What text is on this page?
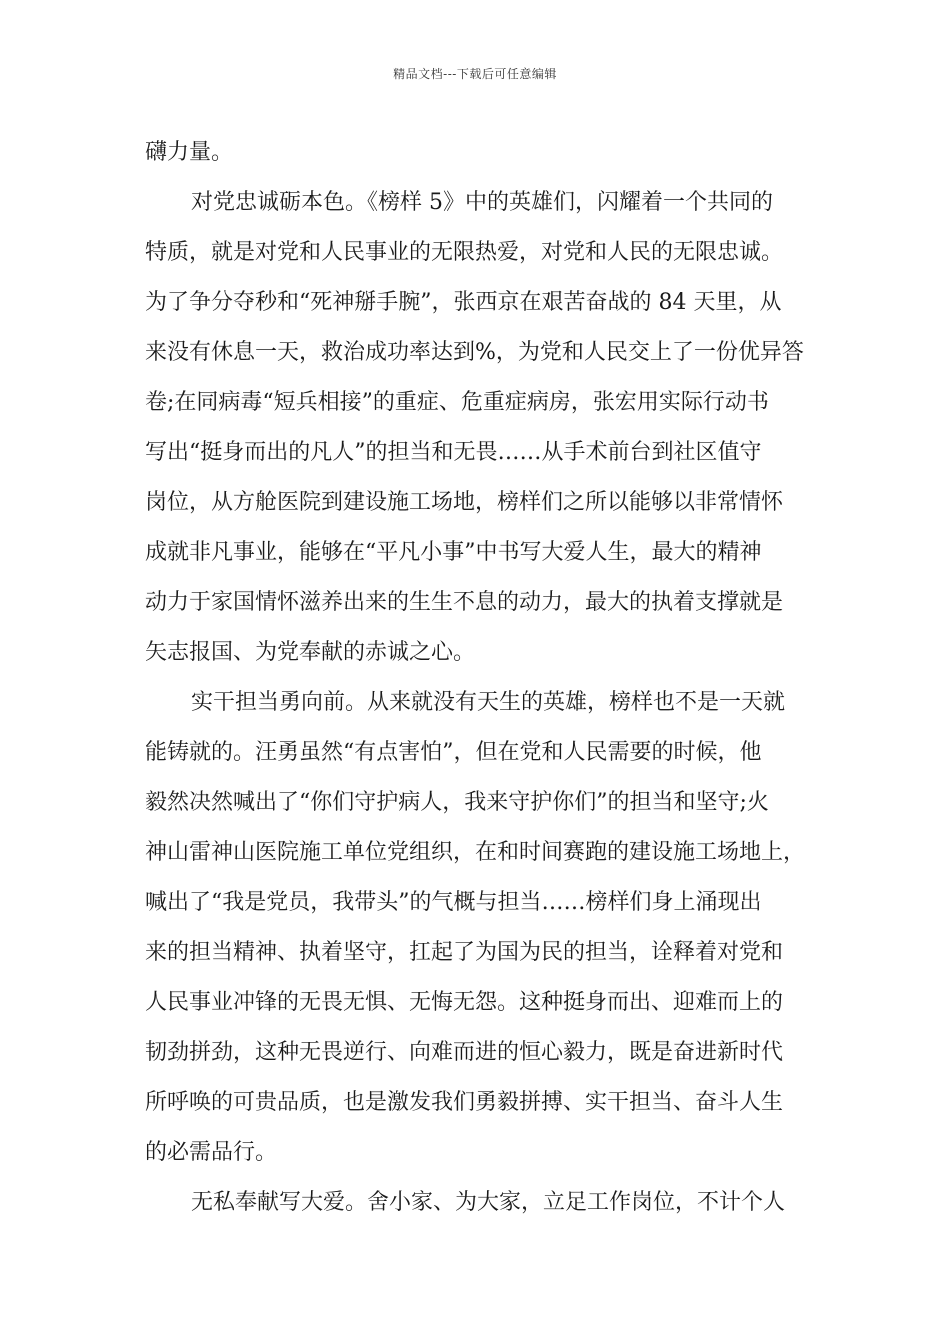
精品文档---下载后可任意编辑
礴力量。
对党忠诚砺本色。《榜样 5》中的英雄们，闪耀着一个共同的
特质，就是对党和人民事业的无限热爱，对党和人民的无限忠诚。
为了争分夺秒和“死神掰手腕”，张西京在艰苦奋战的 84 天里，从
来没有休息一天，救治成功率达到%，为党和人民交上了一份优异答
卷;在同病毒“短兵相接”的重症、危重症病房，张宏用实际行动书
写出“挺身而出的凡人”的担当和无畏……从手术前台到社区值守
岗位，从方舱医院到建设施工场地，榜样们之所以能够以非常情怀
成就非凡事业，能够在“平凡小事”中书写大爱人生，最大的精神
动力于家国情怀滋养出来的生生不息的动力，最大的执着支撑就是
矢志报国、为党奉献的赤诚之心。
实干担当勇向前。从来就没有天生的英雄，榜样也不是一天就
能铸就的。汪勇虽然“有点害怕”，但在党和人民需要的时候，他
毅然决然喊出了“你们守护病人，我来守护你们”的担当和坚守;火
神山雷神山医院施工单位党组织，在和时间赛跑的建设施工场地上，
喊出了“我是党员，我带头”的气概与担当……榜样们身上涌现出
来的担当精神、执着坚守，扛起了为国为民的担当，诠释着对党和
人民事业冲锋的无畏无惧、无悔无怨。这种挺身而出、迎难而上的
韧劲拼劲，这种无畏逆行、向难而进的恒心毅力，既是奋进新时代
所呼唤的可贵品质，也是激发我们勇毅拼搏、实干担当、奋斗人生
的必需品行。
无私奉献写大爱。舍小家、为大家，立足工作岗位，不计个人
